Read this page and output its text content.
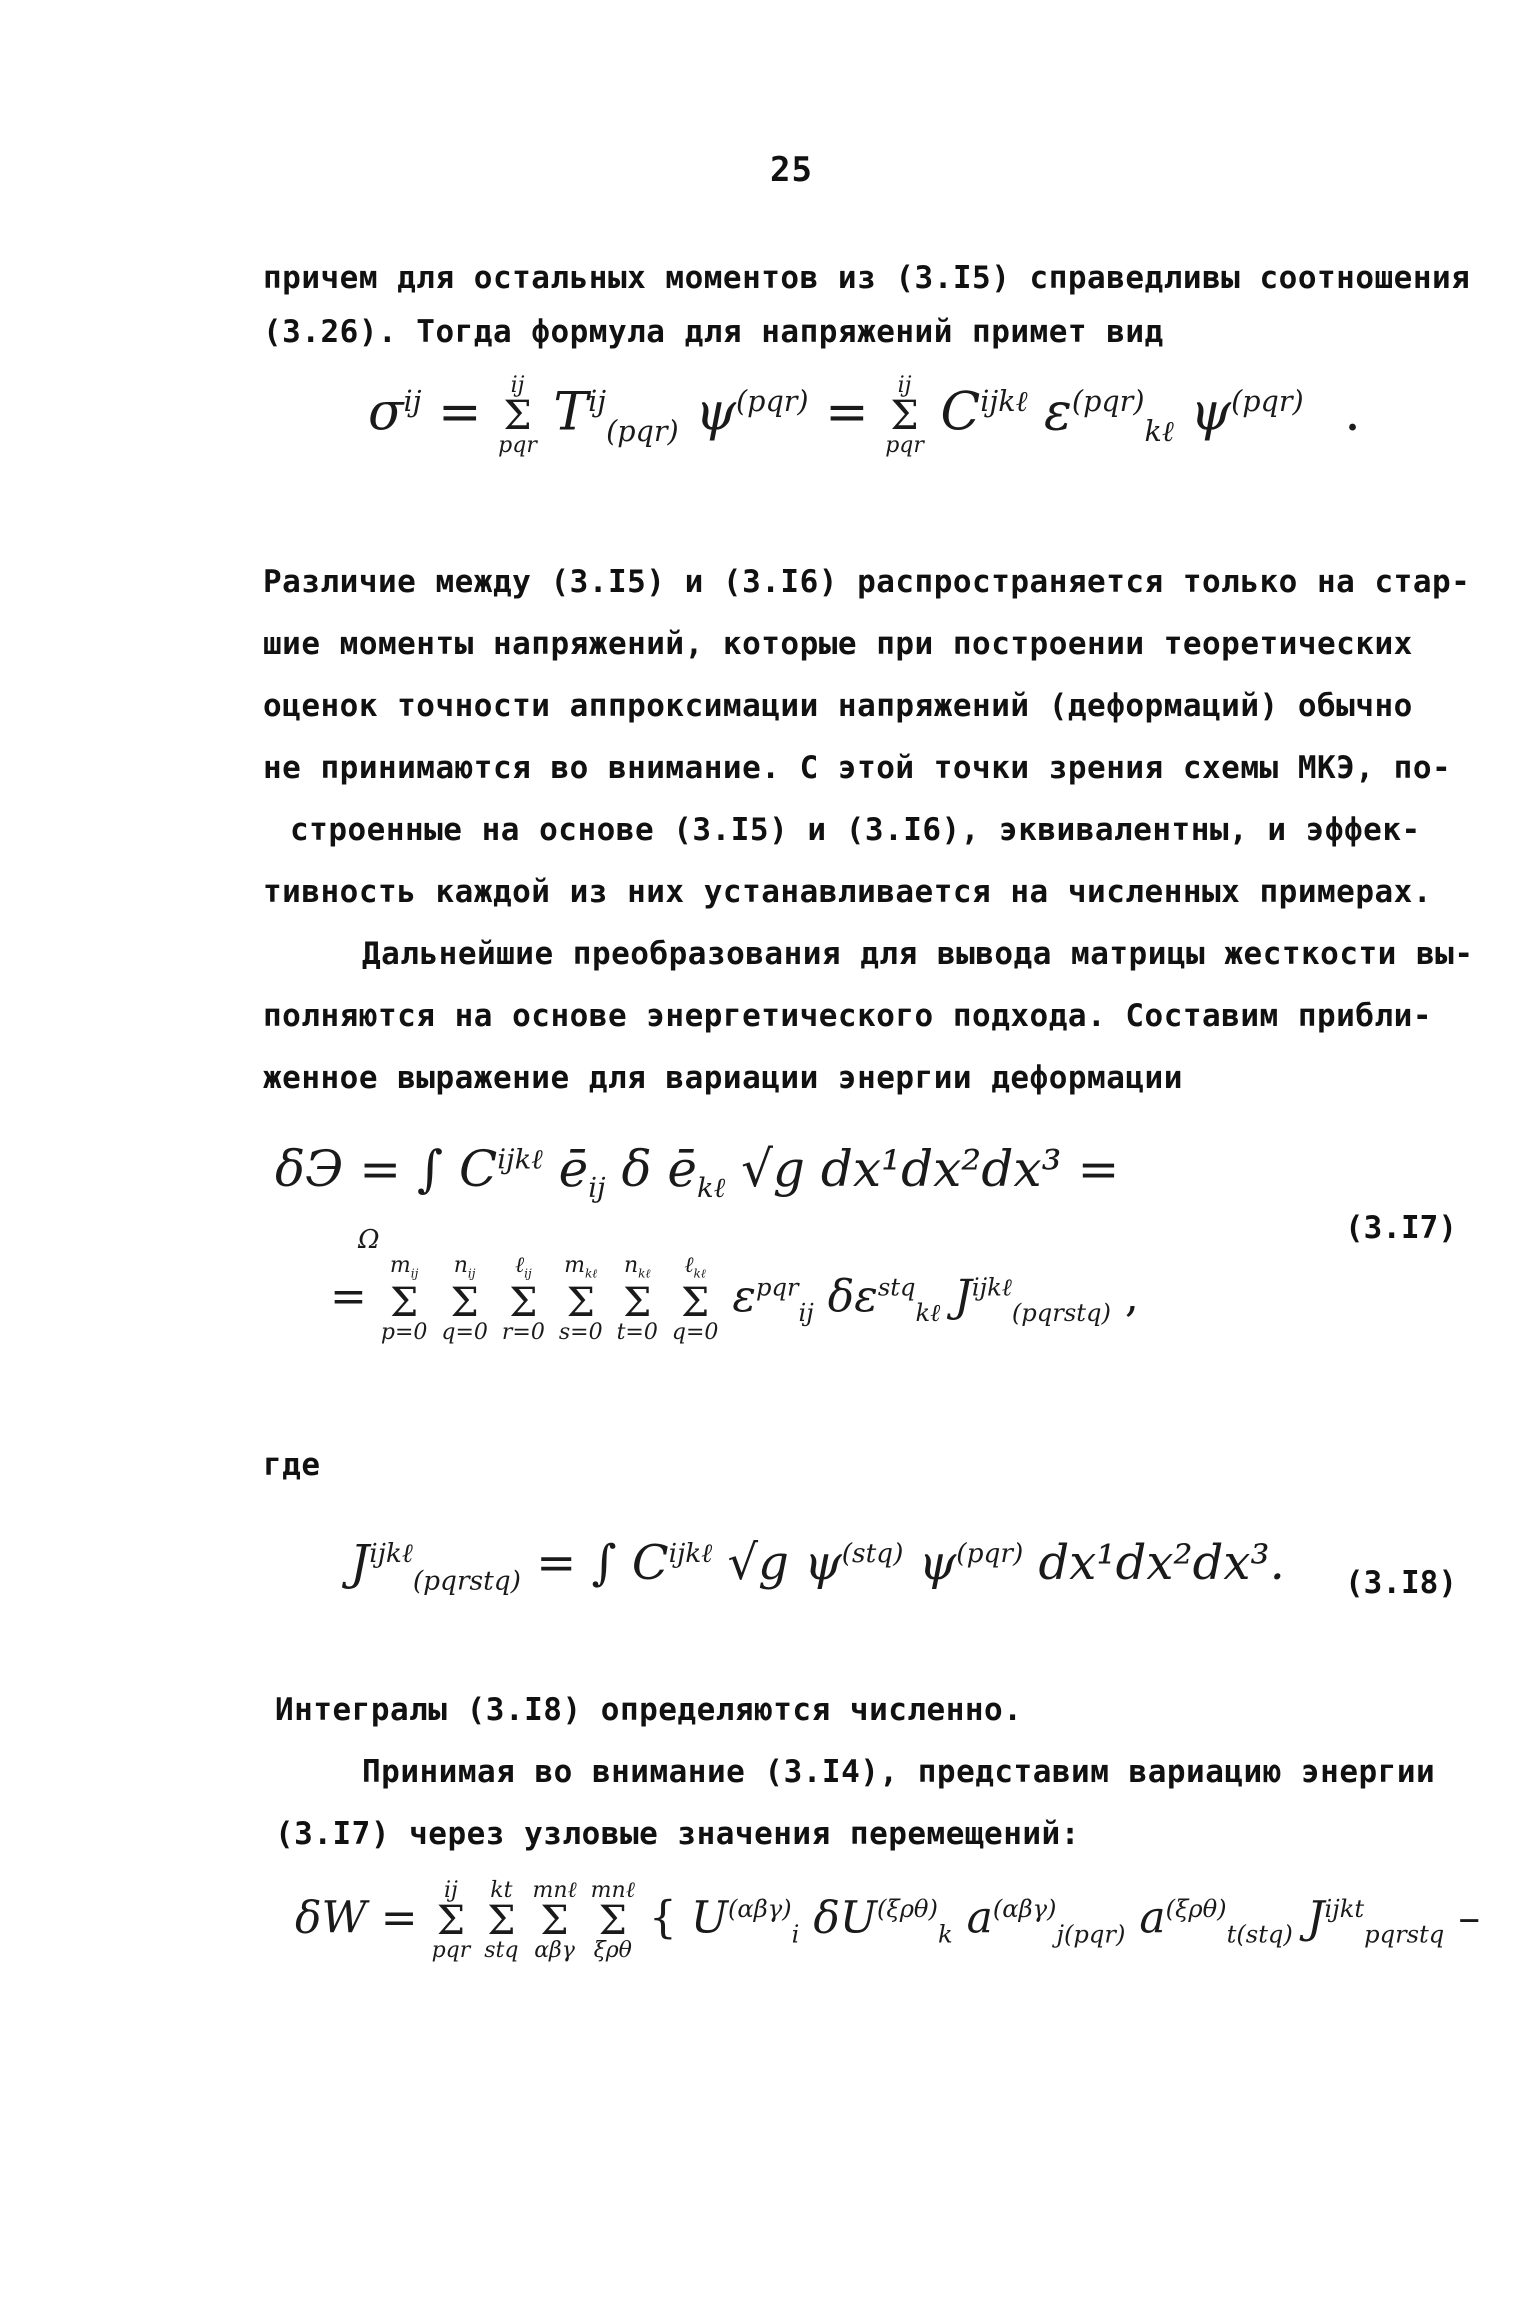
25
причем для остальных моментов из (3.I5) справедливы соотношения
(3.26). Тогда формула для напряжений примет вид
$\sigma^{ij}$ = ij
Σ
pqr
$T^{ij}_{(pqr)}$ $\psi^{(pqr)}$ = ij
Σ
pqr
$C^{ijk\ell}$ $\varepsilon^{(pqr)}_{k\ell}$ $\psi^{(pqr)}$ .
Различие между (3.I5) и (3.I6) распространяется только на стар-
шие моменты напряжений, которые при построении теоретических
оценок точности аппроксимации напряжений (деформаций) обычно
не принимаются во внимание. С этой точки зрения схемы МКЭ, по-
строенные на основе (3.I5) и (3.I6), эквивалентны, и эффек-
тивность каждой из них устанавливается на численных примерах.
Дальнейшие преобразования для вывода матрицы жесткости вы-
полняются на основе энергетического подхода. Составим прибли-
женное выражение для вариации энергии деформации
δЭ = ∫ $C^{ijk\ell}$ $ē_{ij}$ δ $ē_{k\ell}$ √g dx¹dx²dx³ =
Ω	(3.I7)
=
$m_{ij}$
Σ
p=0

$n_{ij}$
Σ
q=0

ℓ$_{ij}$
Σ
r=0

$m_{k\ell}$
Σ
s=0

$n_{k\ell}$
Σ
t=0

ℓ$_{k\ell}$
Σ
q=0
$\varepsilon^{pqr}_{ij}$ $\delta\varepsilon^{stq}_{k\ell}$ $J^{ijk\ell}_{(pqrstq)}$ ,
где
$J^{ijk\ell}_{(pqrstq)}$ = ∫ $C^{ijk\ell}$ √g $\psi^{(stq)}$ $\psi^{(pqr)}$ dx¹dx²dx³. (3.I8)
Интегралы (3.I8) определяются численно.
Принимая во внимание (3.I4), представим вариацию энергии
(3.I7) через узловые значения перемещений:
δW =
ij
Σ
pqr

kt
Σ
stq

mnℓ
Σ
αβγ

mnℓ
Σ
ξρθ
{ $U^{(\alpha\beta\gamma)}_i$ $\delta U^{(\xi\rho\theta)}_k$ $a^{(\alpha\beta\gamma)}_{j(pqr)}$ $a^{(\xi\rho\theta)}_{t(stq)}$ $J^{ijkt}_{pqrstq}$ –
